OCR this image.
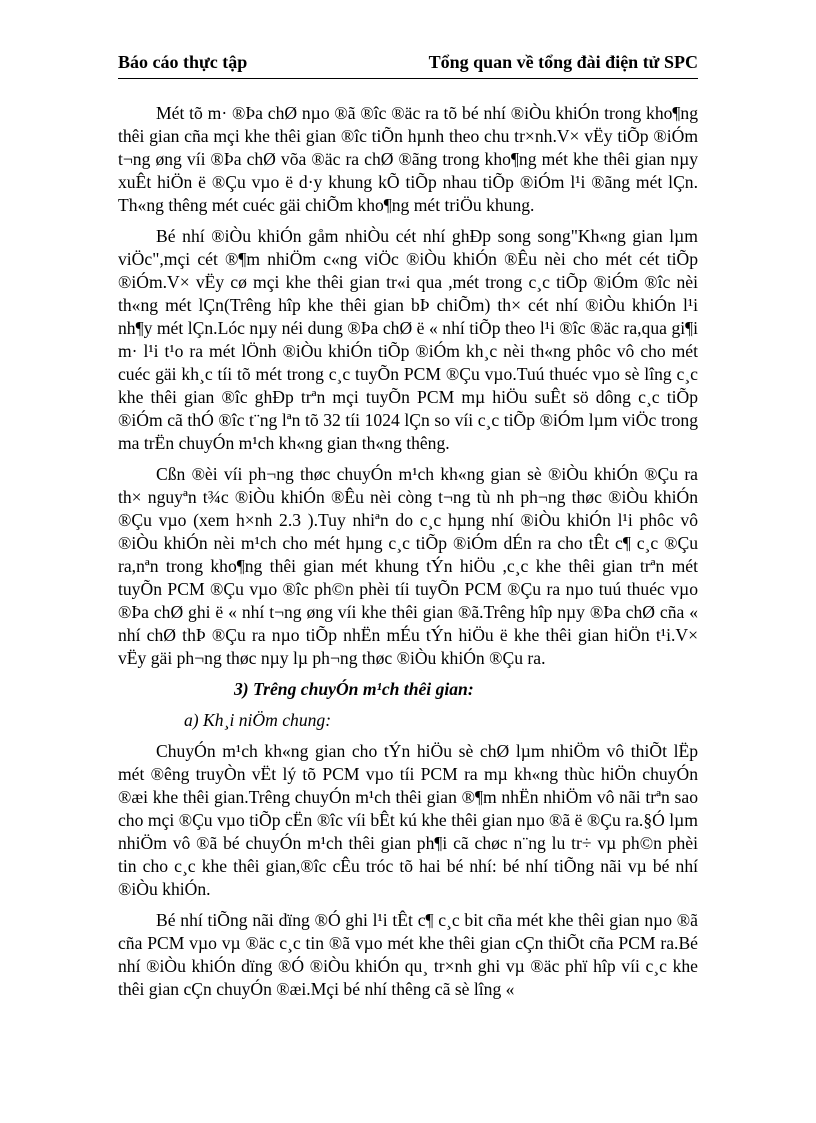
Báo cáo thực tập	Tổng quan về tổng đài điện tử SPC

Mét tõ m· ®Þa chØ nµo ®ã ®îc ®äc ra tõ bé nhí ®iÒu khiÓn trong kho¶ng thêi gian cña mçi khe thêi gian ®îc tiÕn hµnh theo chu tr×nh.V× vËy tiÕp ®iÓm t¬ng øng víi ®Þa chØ võa ®äc ra chØ ®ãng trong kho¶ng mét khe thêi gian nµy xuÊt hiÖn ë ®Çu vµo ë d·y khung kÕ tiÕp nhau tiÕp ®iÓm l¹i ®ãng mét lÇn. Th«ng thêng mét cuéc gäi chiÕm kho¶ng mét triÖu khung.

Bé nhí ®iÒu khiÓn gåm nhiÒu cét nhí ghÐp song song"Kh«ng gian lµm viÖc",mçi cét ®¶m nhiÖm c«ng viÖc ®iÒu khiÓn ®Êu nèi cho mét cét tiÕp ®iÓm.V× vËy cø mçi khe thêi gian tr«i qua ,mét trong c¸c tiÕp ®iÓm ®îc nèi th«ng mét lÇn(Trêng hîp khe thêi gian bÞ chiÕm) th× cét nhí ®iÒu khiÓn l¹i nh¶y mét lÇn.Lóc nµy néi dung ®Þa chØ ë « nhí tiÕp theo l¹i ®îc ®äc ra,qua gi¶i m· l¹i t¹o ra mét lÖnh ®iÒu khiÓn tiÕp ®iÓm kh¸c nèi th«ng phôc vô cho mét cuéc gäi kh¸c tíi tõ mét trong c¸c tuyÕn PCM ®Çu vµo.Tuú thuéc vµo sè lîng c¸c khe thêi gian ®îc ghÐp trªn mçi tuyÕn PCM mµ hiÖu suÊt sö dông c¸c tiÕp ®iÓm cã thÓ ®îc t¨ng lªn tõ 32 tíi 1024 lÇn so víi c¸c tiÕp ®iÓm lµm viÖc trong ma trËn chuyÓn m¹ch kh«ng gian th«ng thêng.

Cßn ®èi víi ph¬ng thøc chuyÓn m¹ch kh«ng gian sè ®iÒu khiÓn ®Çu ra th× nguyªn t¾c ®iÒu khiÓn ®Êu nèi còng t¬ng tù nh ph¬ng thøc ®iÒu khiÓn ®Çu vµo (xem h×nh 2.3 ).Tuy nhiªn do c¸c hµng nhí ®iÒu khiÓn l¹i phôc vô ®iÒu khiÓn nèi m¹ch cho mét hµng c¸c tiÕp ®iÓm dÉn ra cho tÊt c¶ c¸c ®Çu ra,nªn trong kho¶ng thêi gian mét khung tÝn hiÖu ,c¸c khe thêi gian trªn mét tuyÕn PCM ®Çu vµo ®îc ph©n phèi tíi tuyÕn PCM ®Çu ra nµo tuú thuéc vµo ®Þa chØ ghi ë « nhí t¬ng øng víi khe thêi gian ®ã.Trêng hîp nµy ®Þa chØ cña « nhí chØ thÞ ®Çu ra nµo tiÕp nhËn mÉu tÝn hiÖu ë khe thêi gian hiÖn t¹i.V× vËy gäi ph¬ng thøc nµy lµ ph¬ng thøc ®iÒu khiÓn ®Çu ra.

3) Trêng chuyÓn m¹ch thêi gian:

a) Kh¸i niÖm chung:

ChuyÓn m¹ch kh«ng gian cho tÝn hiÖu sè chØ lµm nhiÖm vô thiÕt lËp mét ®êng truyÒn vËt lý tõ PCM vµo tíi PCM ra mµ kh«ng thùc hiÖn chuyÓn ®æi khe thêi gian.Trêng chuyÓn m¹ch thêi gian ®¶m nhËn nhiÖm vô nãi trªn sao cho mçi ®Çu vµo tiÕp cËn ®îc víi bÊt kú khe thêi gian nµo ®ã ë ®Çu ra.§Ó lµm nhiÖm vô ®ã bé chuyÓn m¹ch thêi gian ph¶i cã chøc n¨ng lu tr÷ vµ ph©n phèi tin cho c¸c khe thêi gian,®îc cÊu tróc tõ hai bé nhí: bé nhí tiÕng nãi vµ bé nhí ®iÒu khiÓn.

Bé nhí tiÕng nãi dïng ®Ó ghi l¹i tÊt c¶ c¸c bit cña mét khe thêi gian nµo ®ã cña PCM vµo vµ ®äc c¸c tin ®ã vµo mét khe thêi gian cÇn thiÕt cña PCM ra.Bé nhí ®iÒu khiÓn dïng ®Ó ®iÒu khiÓn qu¸ tr×nh ghi vµ ®äc phï hîp víi c¸c khe thêi gian cÇn chuyÓn ®æi.Mçi bé nhí thêng cã sè lîng «
